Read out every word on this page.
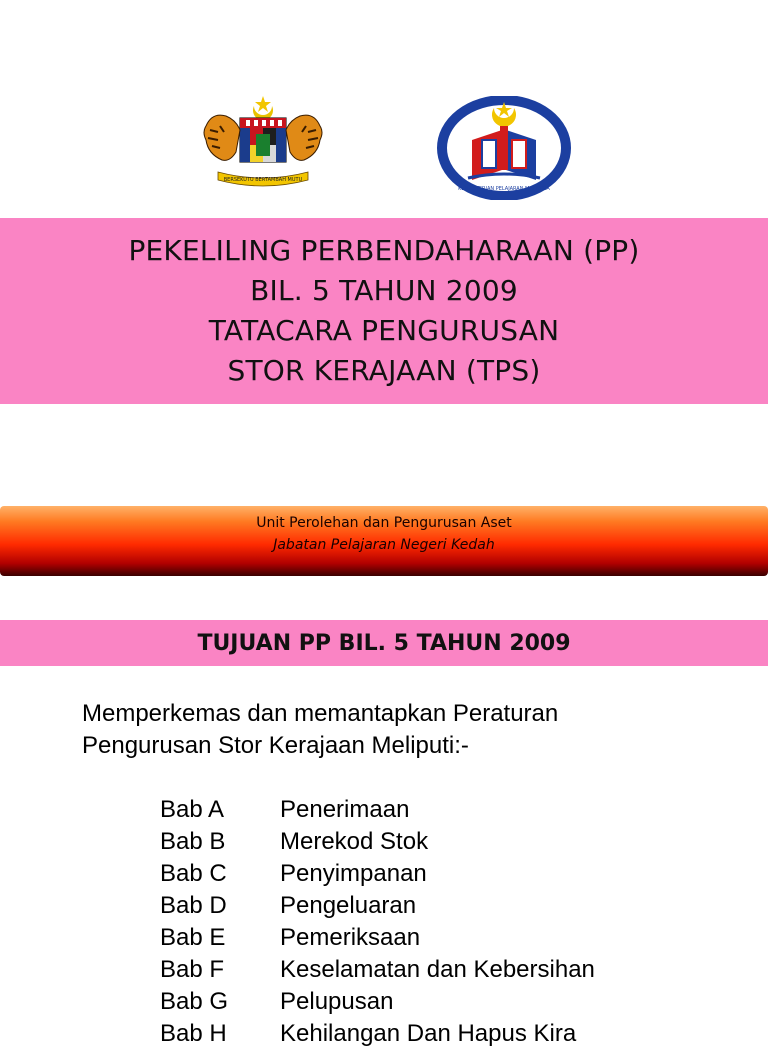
BERSEKUTU BERTAMBAH MUTU
KEMENTERIAN PELAJARAN MALAYSIA
PEKELILING PERBENDAHARAAN (PP)
BIL. 5 TAHUN 2009
TATACARA PENGURUSAN
STOR KERAJAAN (TPS)
Unit Perolehan dan Pengurusan Aset
Jabatan Pelajaran Negeri Kedah
TUJUAN PP BIL. 5 TAHUN 2009
Memperkemas dan memantapkan Peraturan
Pengurusan Stor Kerajaan Meliputi:-
Bab A	Penerimaan
Bab B	Merekod Stok
Bab C	Penyimpanan
Bab D	Pengeluaran
Bab E	Pemeriksaan
Bab F	Keselamatan dan Kebersihan
Bab G	Pelupusan
Bab H	Kehilangan Dan Hapus Kira
